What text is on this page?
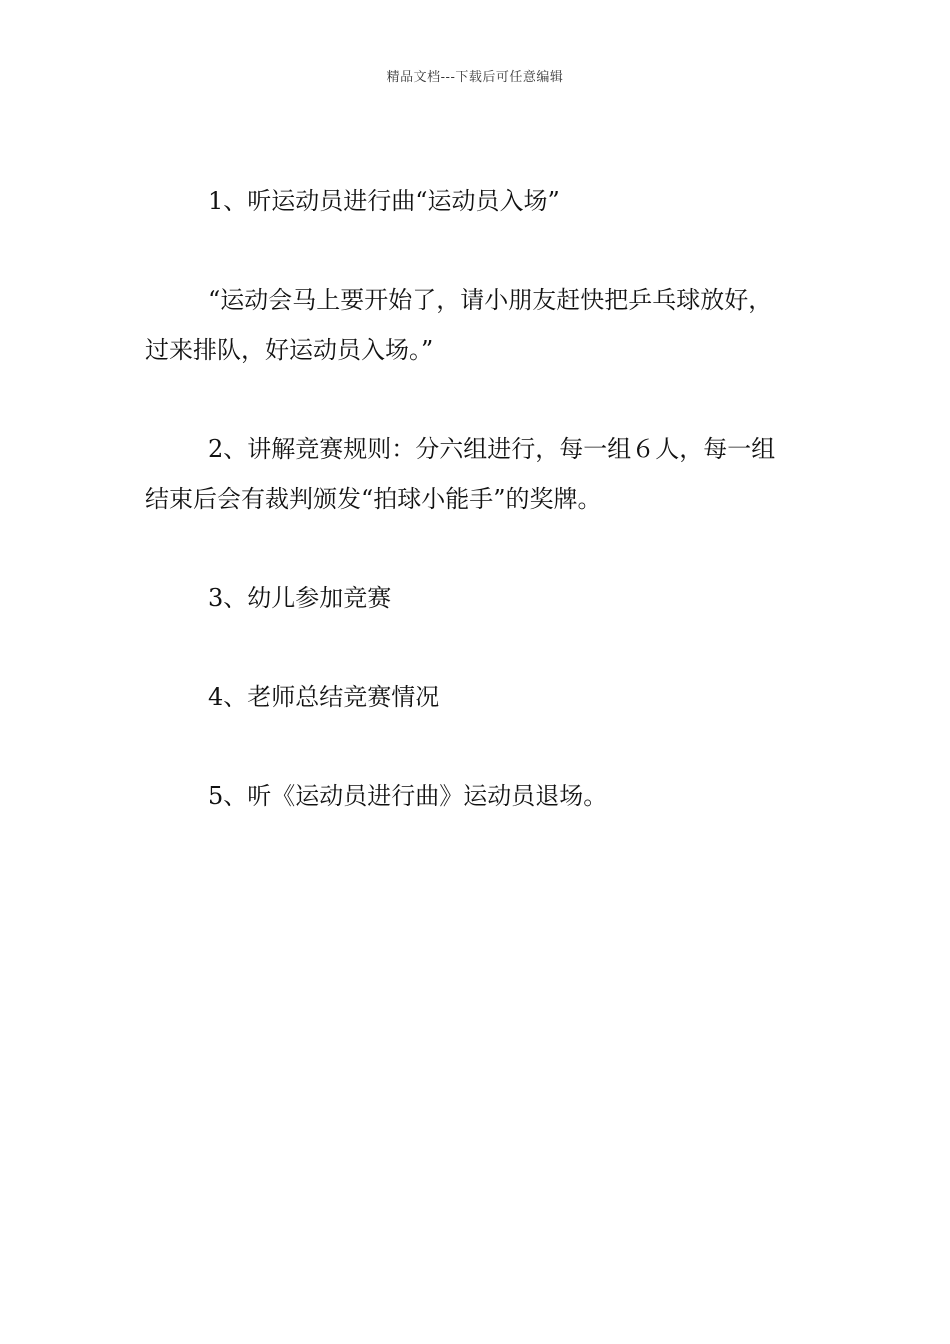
精品文档---下载后可任意编辑
1、听运动员进行曲“运动员入场”
“运动会马上要开始了，请小朋友赶快把乒乓球放好，
过来排队，好运动员入场。”
2、讲解竞赛规则：分六组进行，每一组６人，每一组
结束后会有裁判颁发“拍球小能手”的奖牌。
3、幼儿参加竞赛
4、老师总结竞赛情况
5、听《运动员进行曲》运动员退场。
